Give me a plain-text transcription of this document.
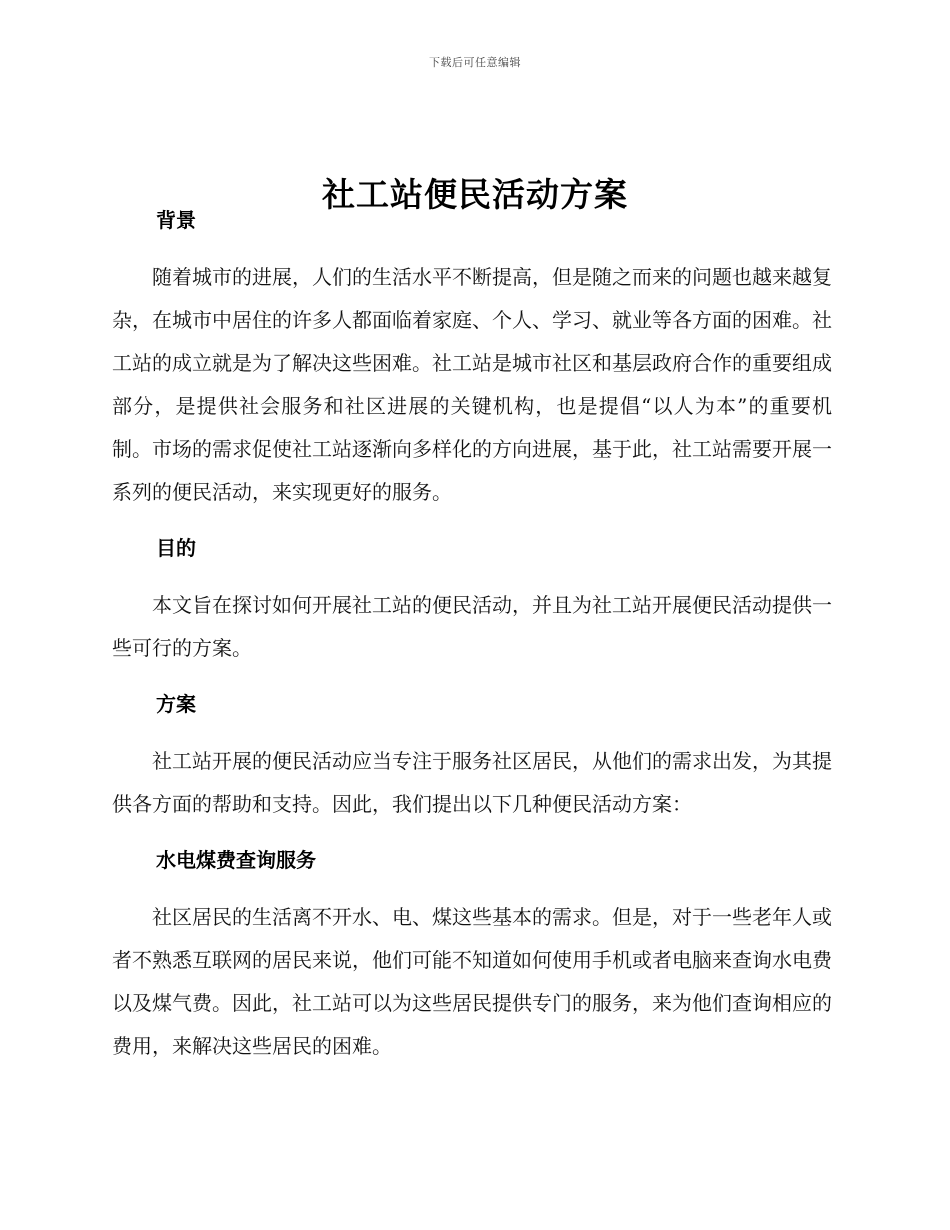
下载后可任意编辑
社工站便民活动方案
背景

随着城市的进展，人们的生活水平不断提高，但是随之而来的问题也越来越复杂，在城市中居住的许多人都面临着家庭、个人、学习、就业等各方面的困难。社工站的成立就是为了解决这些困难。社工站是城市社区和基层政府合作的重要组成部分，是提供社会服务和社区进展的关键机构，也是提倡“以人为本”的重要机制。市场的需求促使社工站逐渐向多样化的方向进展，基于此，社工站需要开展一系列的便民活动，来实现更好的服务。

目的

本文旨在探讨如何开展社工站的便民活动，并且为社工站开展便民活动提供一些可行的方案。

方案

社工站开展的便民活动应当专注于服务社区居民，从他们的需求出发，为其提供各方面的帮助和支持。因此，我们提出以下几种便民活动方案：

水电煤费查询服务

社区居民的生活离不开水、电、煤这些基本的需求。但是，对于一些老年人或者不熟悉互联网的居民来说，他们可能不知道如何使用手机或者电脑来查询水电费以及煤气费。因此，社工站可以为这些居民提供专门的服务，来为他们查询相应的费用，来解决这些居民的困难。
